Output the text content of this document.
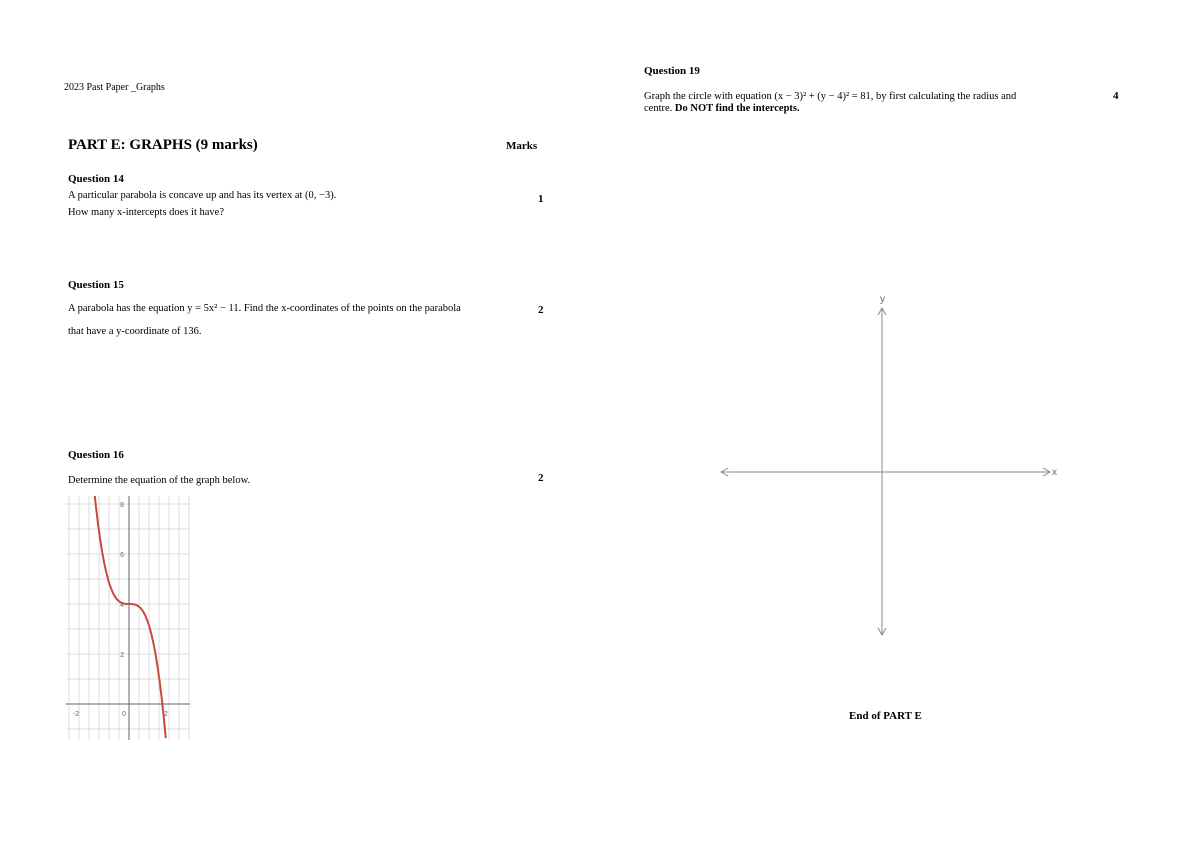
2023 Past Paper _Graphs
PART E: GRAPHS (9 marks)	Marks
Question 14
A particular parabola is concave up and has its vertex at (0, −3).
How many x-intercepts does it have?
1
Question 15
A parabola has the equation y = 5x² − 11. Find the x-coordinates of the points on the parabola
that have a y-coordinate of 136.
2
Question 16
Determine the equation of the graph below.	2
8
6
4
2
-2	0	2
Question 19
Graph the circle with equation (x − 3)² + (y − 4)² = 81, by first calculating the radius and
centre. Do NOT find the intercepts.
4
x
y
End of PART E
